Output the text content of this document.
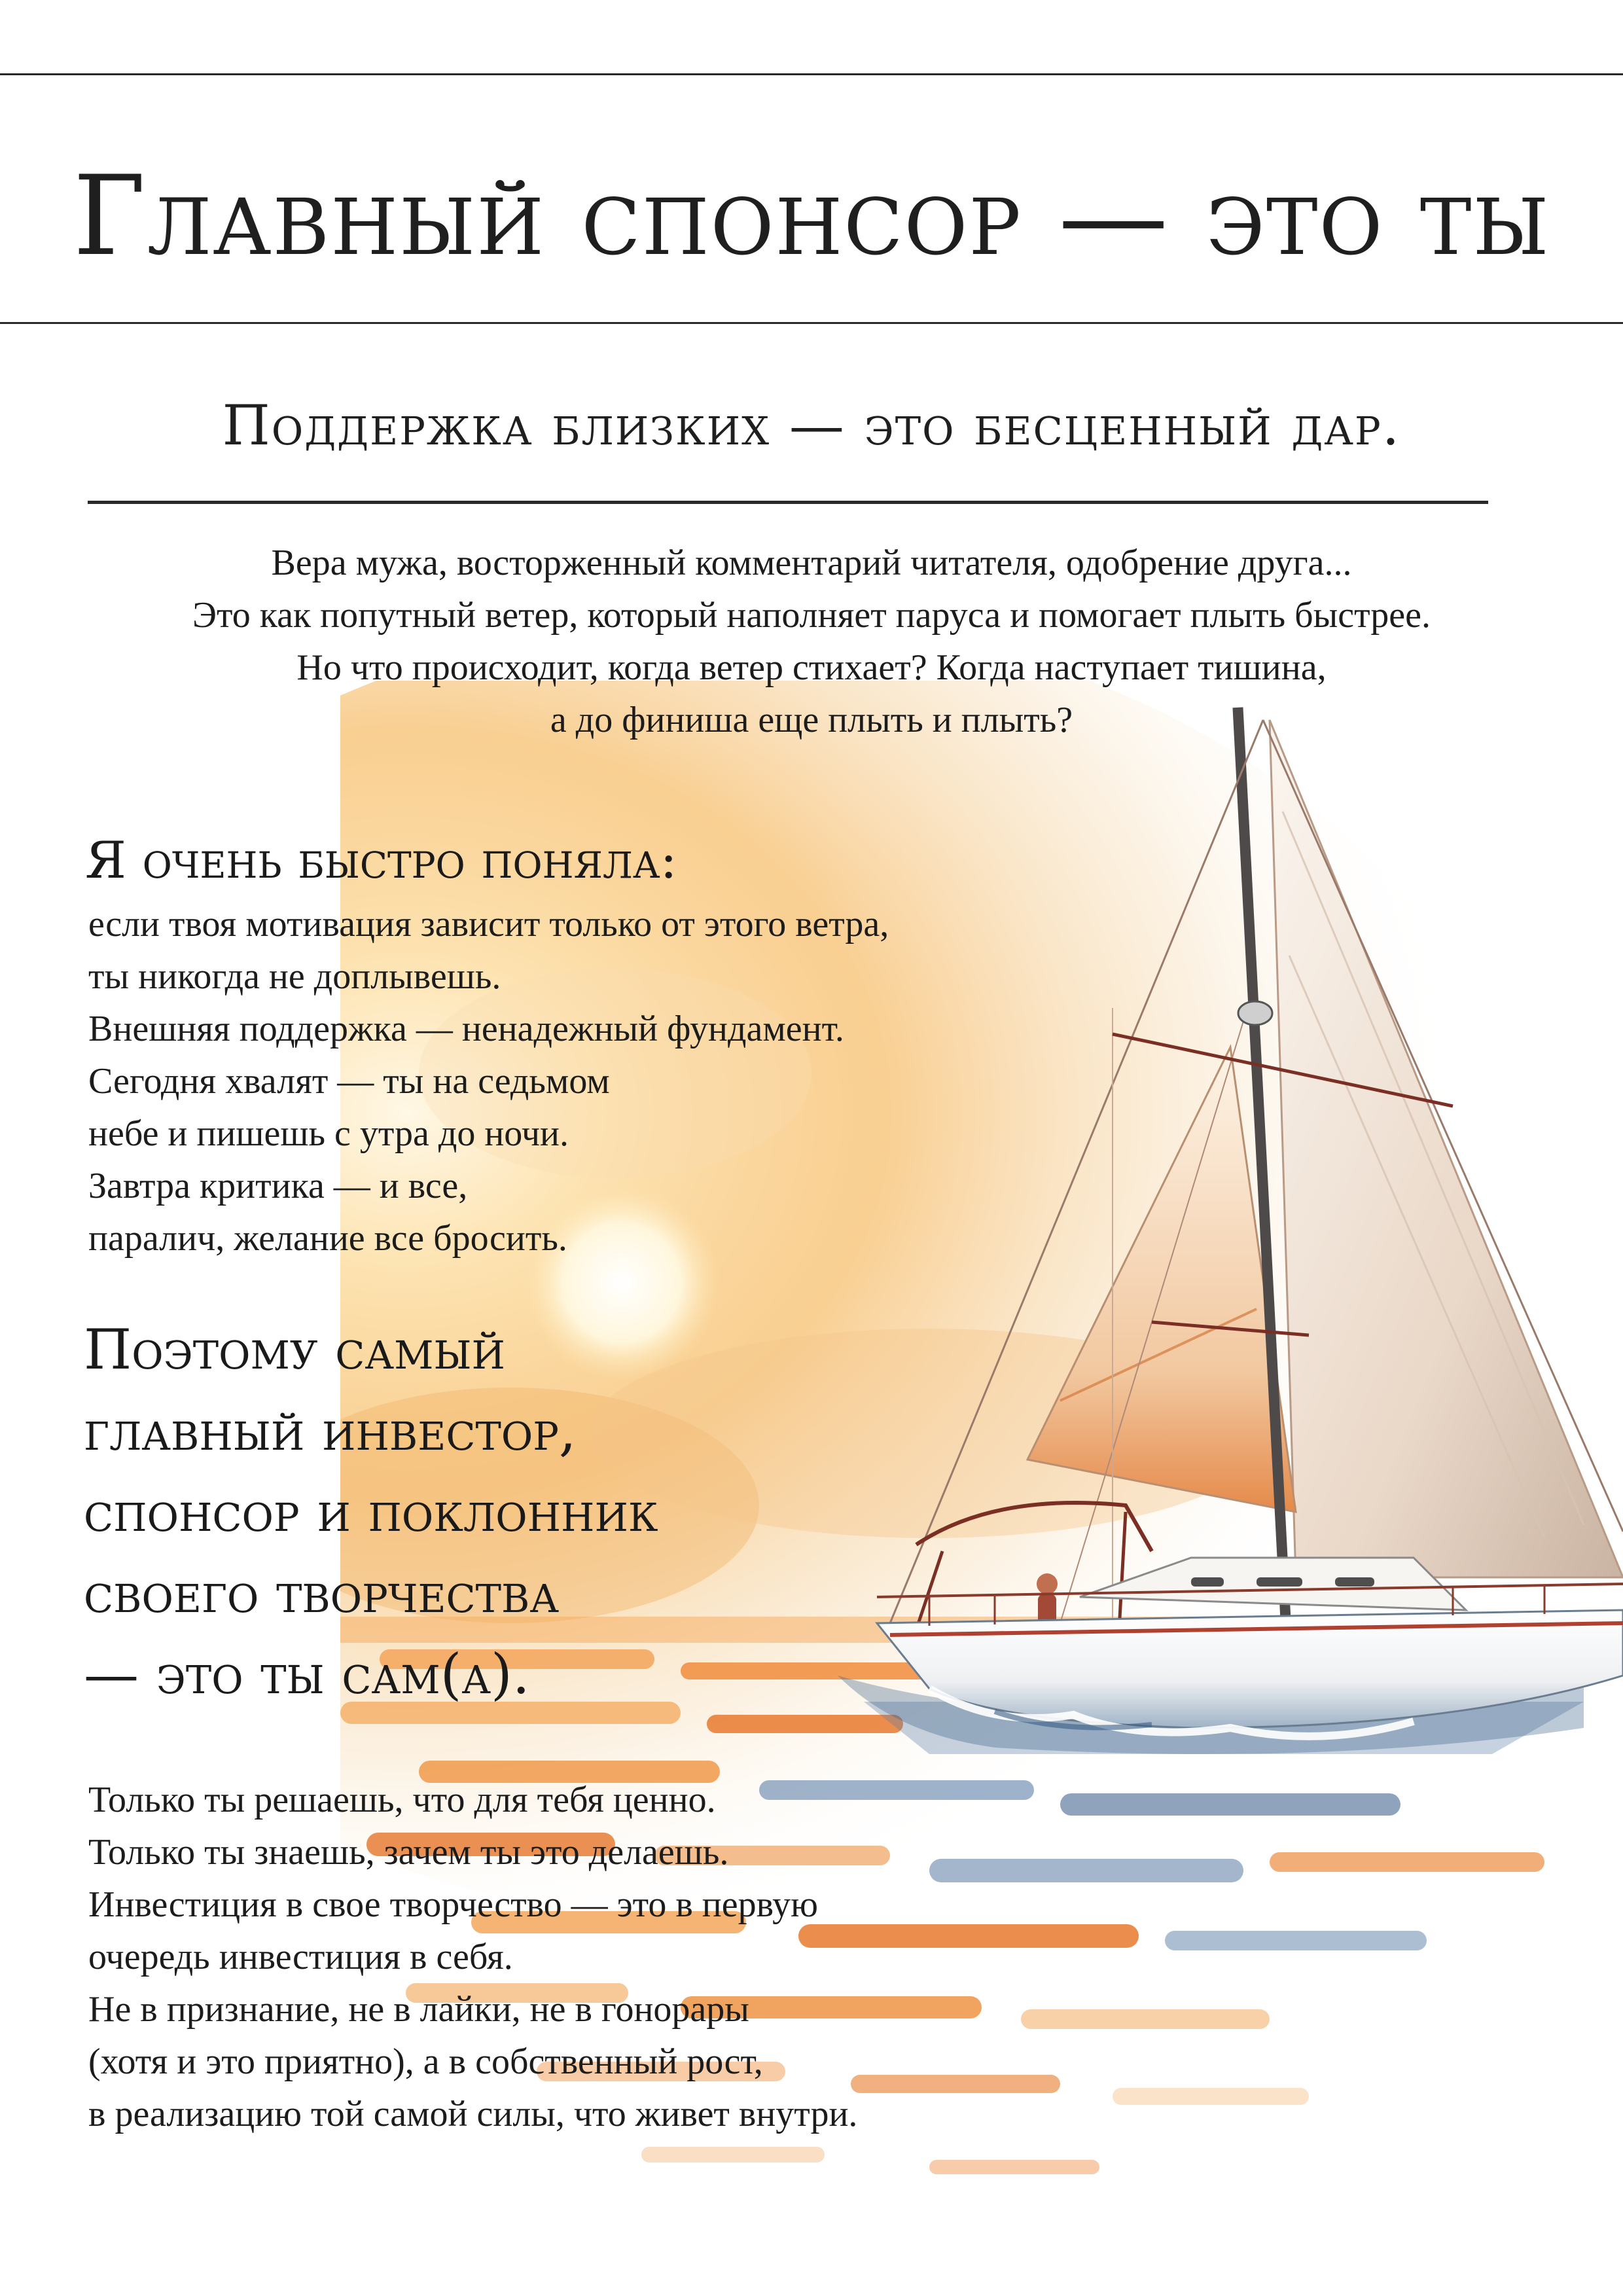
Главный спонсор — это ты
Поддержка близких — это бесценный дар.
Вера мужа, восторженный комментарий читателя, одобрение друга...
Это как попутный ветер, который наполняет паруса и помогает плыть быстрее.
Но что происходит, когда ветер стихает? Когда наступает тишина,
а до финиша еще плыть и плыть?
Я очень быстро поняла:
если твоя мотивация зависит только от этого ветра,
ты никогда не доплывешь.
Внешняя поддержка — ненадежный фундамент.
Сегодня хвалят — ты на седьмом
небе и пишешь с утра до ночи.
Завтра критика — и все,
паралич, желание все бросить.
Поэтому самый
главный инвестор,
спонсор и поклонник
своего творчества
— это ты сам(а).
Только ты решаешь, что для тебя ценно.
Только ты знаешь, зачем ты это делаешь.
Инвестиция в свое творчество — это в первую
очередь инвестиция в себя.
Не в признание, не в лайки, не в гонорары
(хотя и это приятно), а в собственный рост,
в реализацию той самой силы, что живет внутри.
